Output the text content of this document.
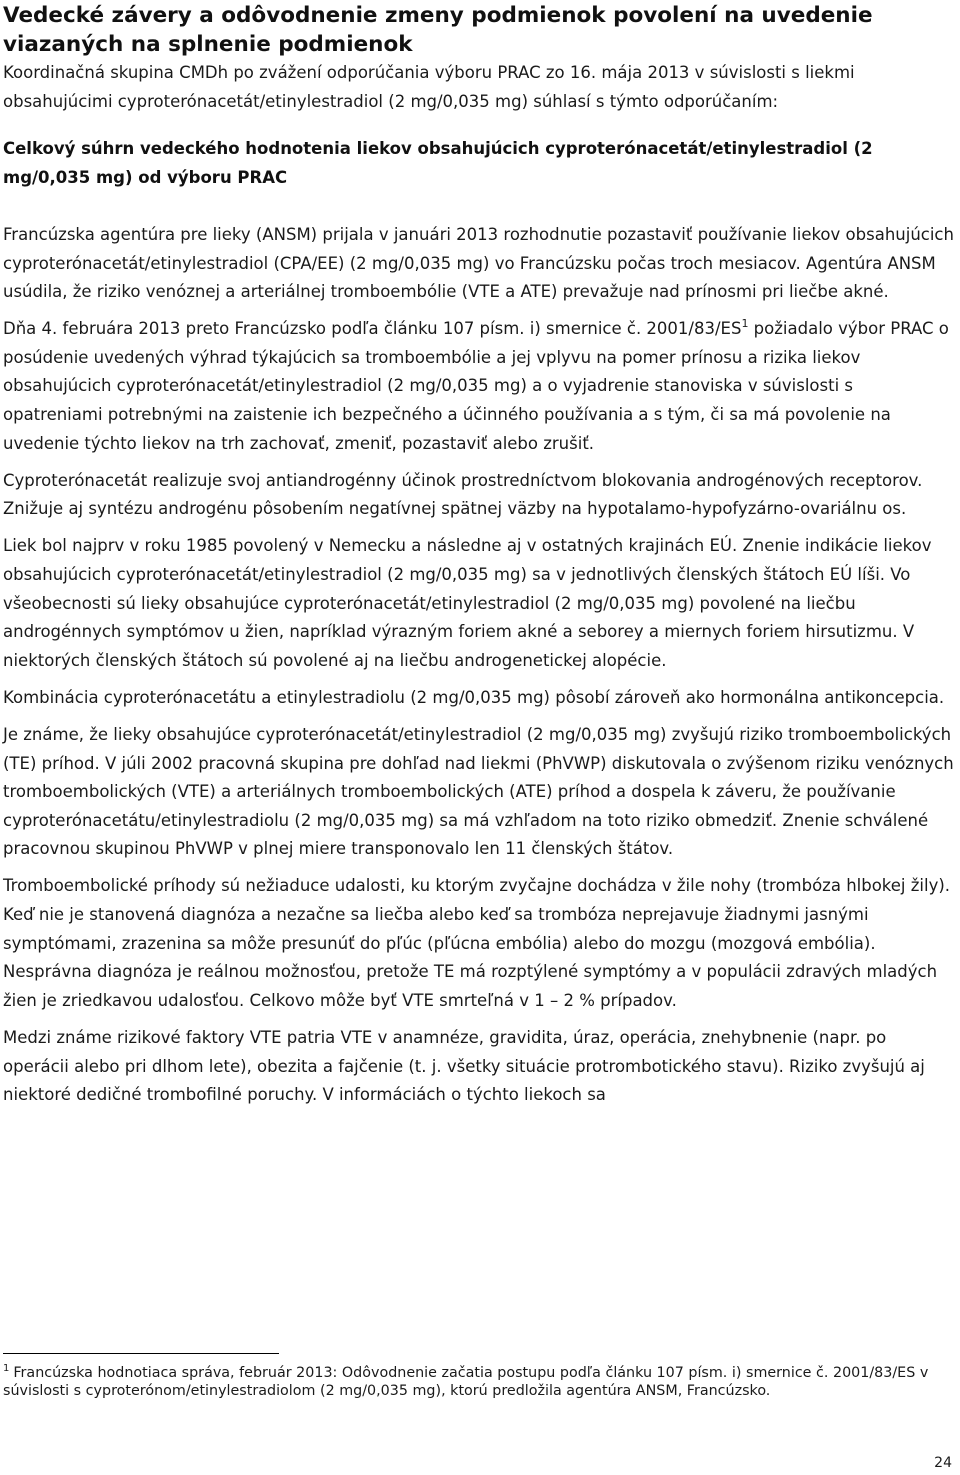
Vedecké závery a odôvodnenie zmeny podmienok povolení na uvedenie viazaných na splnenie podmienok

Koordinačná skupina CMDh po zvážení odporúčania výboru PRAC zo 16. mája 2013 v súvislosti s liekmi obsahujúcimi cyproterónacetát/etinylestradiol (2 mg/0,035 mg) súhlasí s týmto odporúčaním:

Celkový súhrn vedeckého hodnotenia liekov obsahujúcich cyproterónacetát/etinylestradiol (2 mg/0,035 mg) od výboru PRAC

Francúzska agentúra pre lieky (ANSM) prijala v januári 2013 rozhodnutie pozastaviť používanie liekov obsahujúcich cyproterónacetát/etinylestradiol (CPA/EE) (2 mg/0,035 mg) vo Francúzsku počas troch mesiacov. Agentúra ANSM usúdila, že riziko venóznej a arteriálnej tromboembólie (VTE a ATE) prevažuje nad prínosmi pri liečbe akné.

Dňa 4. februára 2013 preto Francúzsko podľa článku 107 písm. i) smernice č. $2001/83/ES^1$ požiadalo výbor PRAC o posúdenie uvedených výhrad týkajúcich sa tromboembólie a jej vplyvu na pomer prínosu a rizika liekov obsahujúcich cyproterónacetát/etinylestradiol (2 mg/0,035 mg) a o vyjadrenie stanoviska v súvislosti s opatreniami potrebnými na zaistenie ich bezpečného a účinného používania a s tým, či sa má povolenie na uvedenie týchto liekov na trh zachovať, zmeniť, pozastaviť alebo zrušiť.

Cyproterónacetát realizuje svoj antiandrogénny účinok prostredníctvom blokovania androgénových receptorov. Znižuje aj syntézu androgénu pôsobením negatívnej spätnej väzby na hypotalamo-hypofyzárno-ovariálnu os.

Liek bol najprv v roku 1985 povolený v Nemecku a následne aj v ostatných krajinách EÚ. Znenie indikácie liekov obsahujúcich cyproterónacetát/etinylestradiol (2 mg/0,035 mg) sa v jednotlivých členských štátoch EÚ líši. Vo všeobecnosti sú lieky obsahujúce cyproterónacetát/etinylestradiol (2 mg/0,035 mg) povolené na liečbu androgénnych symptómov u žien, napríklad výrazným foriem akné a seboreу a miernych foriem hirsutizmu. V niektorých členských štátoch sú povolené aj na liečbu androgenetickej alopécie.

Kombinácia cyproterónacetátu a etinylestradiolu (2 mg/0,035 mg) pôsobí zároveň ako hormonálna antikoncepcia.

Je známe, že lieky obsahujúce cyproterónacetát/etinylestradiol (2 mg/0,035 mg) zvyšujú riziko tromboembolických (TE) príhod. V júli 2002 pracovná skupina pre dohľad nad liekmi (PhVWP) diskutovala o zvýšenom riziku venóznych tromboembolických (VTE) a arteriálnych tromboembolických (ATE) príhod a dospela k záveru, že používanie cyproterónacetátu/etinylestradiolu (2 mg/0,035 mg) sa má vzhľadom na toto riziko obmedziť. Znenie schválené pracovnou skupinou PhVWP v plnej miere transponovalo len 11 členských štátov.

Tromboembolické príhody sú nežiaduce udalosti, ku ktorým zvyčajne dochádza v žile nohy (trombóza hlbokej žily). Keď nie je stanovená diagnóza a nezačne sa liečba alebo keď sa trombóza neprejavuje žiadnymi jasnými symptómami, zrazenina sa môže presunúť do pľúc (pľúcna embólia) alebo do mozgu (mozgová embólia). Nesprávna diagnóza je reálnou možnosťou, pretože TE má rozptýlené symptómy a v populácii zdravých mladých žien je zriedkavou udalosťou. Celkovo môže byť VTE smrteľná v 1 – 2 % prípadov.

Medzi známe rizikové faktory VTE patria VTE v anamnéze, gravidita, úraz, operácia, znehybnenie (napr. po operácii alebo pri dlhom lete), obezita a fajčenie (t. j. všetky situácie protrombotického stavu). Riziko zvyšujú aj niektoré dedičné trombofilné poruchy. V informáciách o týchto liekoch sa

$^1$ Francúzska hodnotiaca správa, február 2013: Odôvodnenie začatia postupu podľa článku 107 písm. i) smernice č. 2001/83/ES v súvislosti s cyproterónom/etinylestradiolom (2 mg/0,035 mg), ktorú predložila agentúra ANSM, Francúzsko.

24
